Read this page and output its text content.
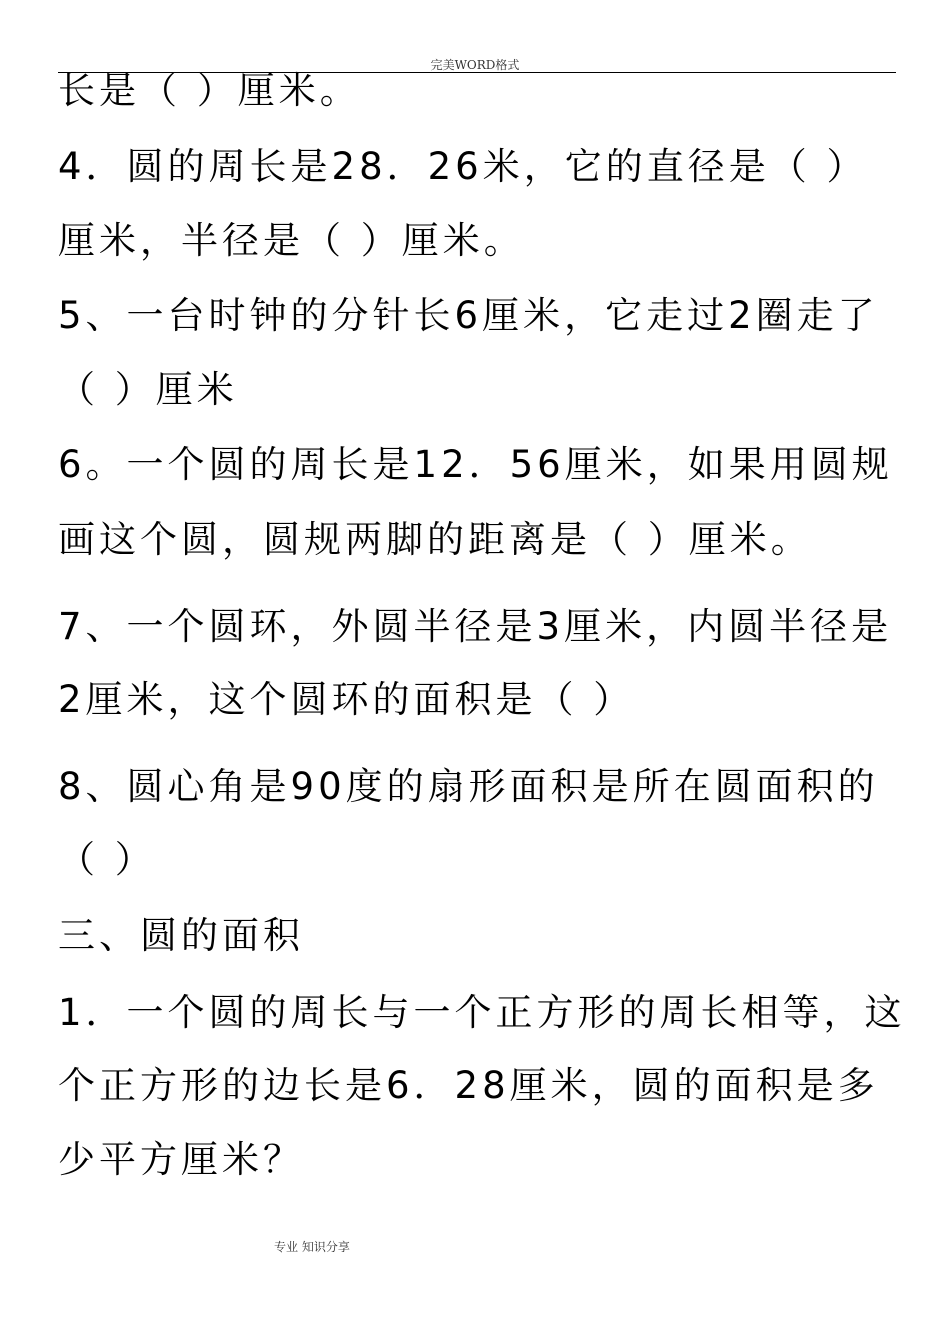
完美WORD格式
长是（ ）厘米。
4．圆的周长是28．26米，它的直径是（ ）
厘米，半径是（ ）厘米。
5、一台时钟的分针长6厘米，它走过2圈走了
（ ）厘米
6。一个圆的周长是12．56厘米，如果用圆规
画这个圆，圆规两脚的距离是（ ）厘米。
7、一个圆环，外圆半径是3厘米，内圆半径是
2厘米，这个圆环的面积是（ ）
8、圆心角是90度的扇形面积是所在圆面积的
（ ）
三、圆的面积
1．一个圆的周长与一个正方形的周长相等，这
个正方形的边长是6．28厘米，圆的面积是多
少平方厘米？
专业 知识分享
